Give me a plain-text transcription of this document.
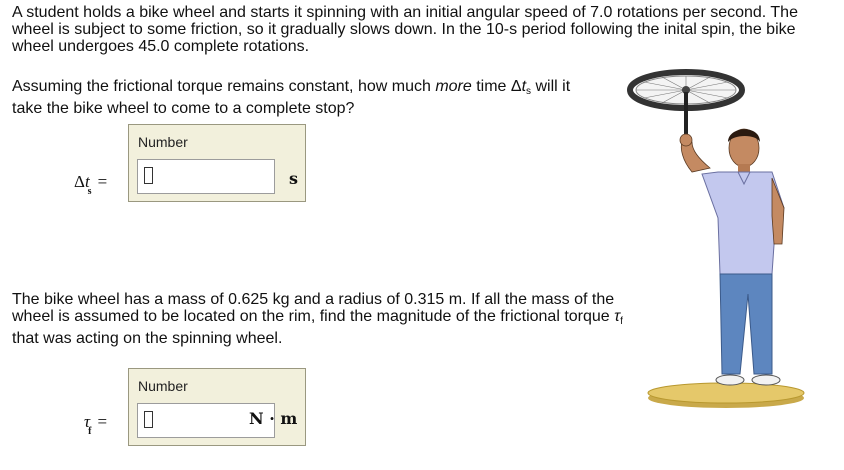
A student holds a bike wheel and starts it spinning with an initial angular speed of 7.0 rotations per second. The wheel is subject to some friction, so it gradually slows down. In the 10-s period following the inital spin, the bike wheel undergoes 45.0 complete rotations.

Assuming the frictional torque remains constant, how much more time $\Delta t_s$ will it take the bike wheel to come to a complete stop?

$\Delta t_s=$
Number
s

The bike wheel has a mass of 0.625 kg and a radius of 0.315 m. If all the mass of the wheel is assumed to be located on the rim, find the magnitude of the frictional torque $\tau_f$ that was acting on the spinning wheel.

$\tau_f=$
Number
N · m
